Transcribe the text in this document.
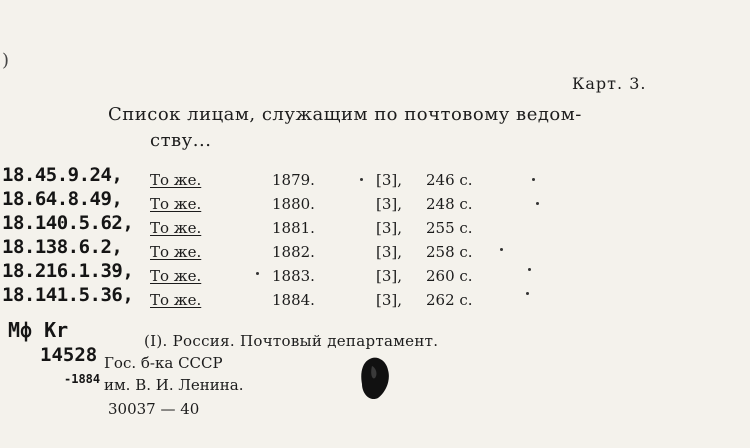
)
Карт. 3.
Список лицам, служащим по почтовому ведом-
ству...
18.45.9.24, То же.	1879.	[3], 246 с.
18.64.8.49, То же.	1880.	[3], 248 с.
18.140.5.62, То же.	1881.	[3], 255 с.
18.138.6.2, То же.	1882.	[3], 258 с.
18.216.1.39, То же.	1883.	[3], 260 с.
18.141.5.36, То же.	1884.	[3], 262 с.
Мф Kr
14528
-1884
(I). Россия. Почтовый департамент.
Гос. б-ка СССР
им. В. И. Ленина.
30037 — 40
